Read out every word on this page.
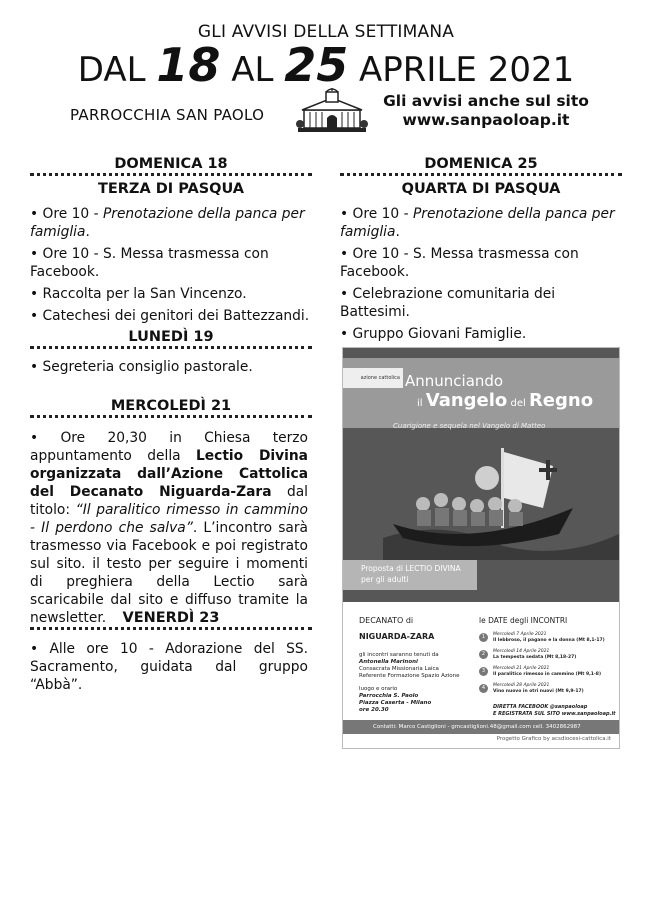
GLI AVVISI DELLA SETTIMANA
DAL 18 AL 25 APRILE 2021
PARROCCHIA SAN PAOLO
Gli avvisi anche sul sito
www.sanpaoloap.it
DOMENICA 18
TERZA DI PASQUA

• Ore 10 - Prenotazione della panca per famiglia.

• Ore 10 - S. Messa trasmessa con Facebook.

• Raccolta per la San Vincenzo.

• Catechesi dei genitori dei Battezzandi.

LUNEDÌ 19

• Segreteria consiglio pastorale.

MERCOLEDÌ 21
• Ore 20,30 in Chiesa terzo appuntamento della Lectio Divina organizzata dall’Azione Cattolica del Decanato Niguarda-Zara dal titolo: “Il paralitico rimesso in cammino - Il perdono che salva”. L’incontro sarà trasmesso via Facebook e poi registrato sul sito. il testo per seguire i momenti di preghiera della Lectio sarà scaricabile dal sito e diffuso tramite la newsletter.	VENERDÌ 23
• Alle ore 10 - Adorazione del SS. Sacramento, guidata dal gruppo “Abbà”.
DOMENICA 25
QUARTA DI PASQUA

• Ore 10 - Prenotazione della panca per famiglia.

• Ore 10 - S. Messa trasmessa con Facebook.

• Celebrazione comunitaria dei Battesimi.

• Gruppo Giovani Famiglie.

azione cattolica Annunciando
il Vangelo del Regno
Cuarigione e sequela nel Vangelo di Matteo
Proposta di LECTIO DIVINA
per gli adulti
DECANATO di
NIGUARDA-ZARA
gli incontri saranno tenuti da
Antonella Marinoni
Consacrata Missionaria Laica
Referente Formazione Spazio Azione
luogo e orario
Parrocchia S. Paolo
Piazza Caserta - Milano
ore 20.30
le DATE degli INCONTRI
1	Mercoledì 7 Aprile 2021
Il lebbroso, il pagano e la donna (Mt 8,1-17)
2	Mercoledì 14 Aprile 2021
La tempesta sedata (Mt 8,18-27)
3	Mercoledì 21 Aprile 2021
Il paralitico rimesso in cammino (Mt 9,1-8)
4	Mercoledì 28 Aprile 2021
Vino nuovo in otri nuovi (Mt 9,9-17)
DIRETTA FACEBOOK @sanpaoloap
E REGISTRATA SUL SITO www.sanpaoloap.it
Contatti: Marco Castiglioni - gmcastiglioni.48@gmail.com cell. 3402862987
Progetto Grafico by acsdiocesi-cattolica.it
